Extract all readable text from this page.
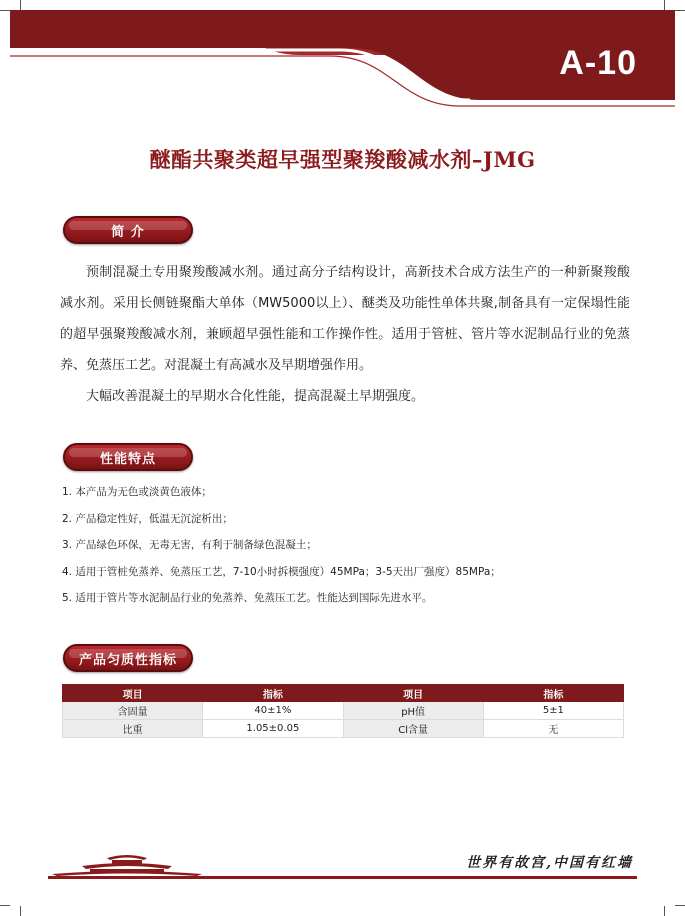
A-10
醚酯共聚类超早强型聚羧酸减水剂–JMG
简 介

预制混凝土专用聚羧酸减水剂。通过高分子结构设计，高新技术合成方法生产的一种新聚羧酸减水剂。采用长侧链聚酯大单体（MW5000以上）、醚类及功能性单体共聚,制备具有一定保塌性能的超早强聚羧酸减水剂，兼顾超早强性能和工作操作性。适用于管桩、管片等水泥制品行业的免蒸养、免蒸压工艺。对混凝土有高减水及早期增强作用。

大幅改善混凝土的早期水合化性能，提高混凝土早期强度。

性能特点
1. 本产品为无色或淡黄色液体；
2. 产品稳定性好，低温无沉淀析出；
3. 产品绿色环保，无毒无害，有利于制备绿色混凝土；
4. 适用于管桩免蒸养、免蒸压工艺，7-10小时拆模强度）45MPa；3-5天出厂强度）85MPa；
5. 适用于管片等水泥制品行业的免蒸养、免蒸压工艺。性能达到国际先进水平。
产品匀质性指标
项目	指标	项目	指标
含固量	40±1%	pH值	5±1
比重	1.05±0.05	Cl含量	无
世界有故宫,中国有红墙
